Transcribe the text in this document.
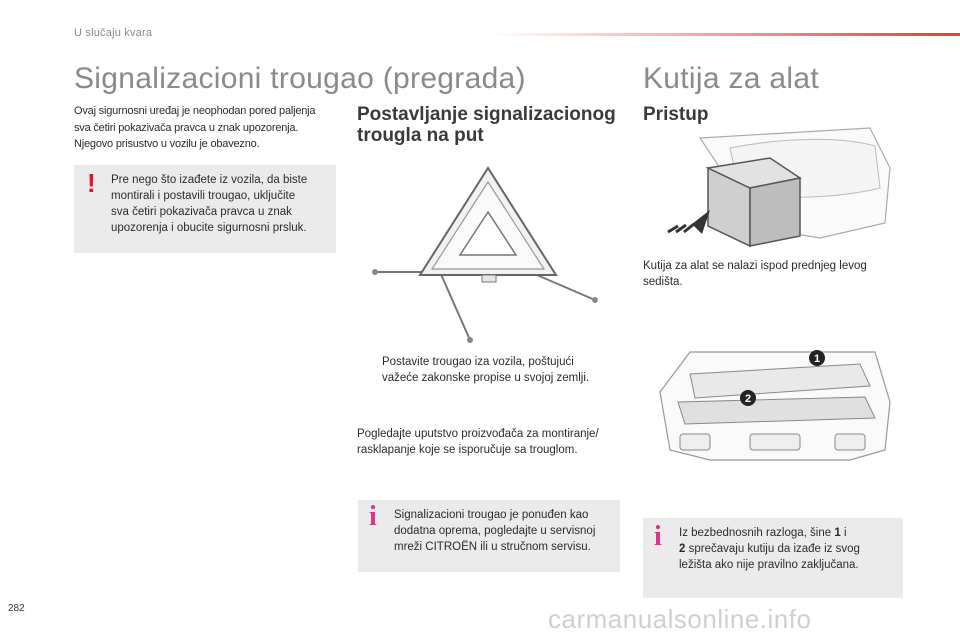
U slučaju kvara
Signalizacioni trougao (pregrada)
Ovaj sigurnosni uređaj je neophodan pored paljenja
sva četiri pokazivača pravca u znak upozorenja.
Njegovo prisustvo u vozilu je obavezno.
! Pre nego što izađete iz vozila, da biste
montirali i postavili trougao, uključite
sva četiri pokazivača pravca u znak
upozorenja i obucite sigurnosni prsluk.
Postavljanje signalizacionog
trougla na put
Postavite trougao iza vozila, poštujući
važeće zakonske propise u svojoj zemlji.
Pogledajte uputstvo proizvođača za montiranje/
rasklapanje koje se isporučuje sa trouglom.
i Signalizacioni trougao je ponuđen kao
dodatna oprema, pogledajte u servisnoj
mreži CITROËN ili u stručnom servisu.
Kutija za alat
Pristup
Kutija za alat se nalazi ispod prednjeg levog
sedišta.
1
2
i Iz bezbednosnih razloga, šine 1 i
2 sprečavaju kutiju da izađe iz svog
ležišta ako nije pravilno zaključana.
282	carmanualsonline.info
